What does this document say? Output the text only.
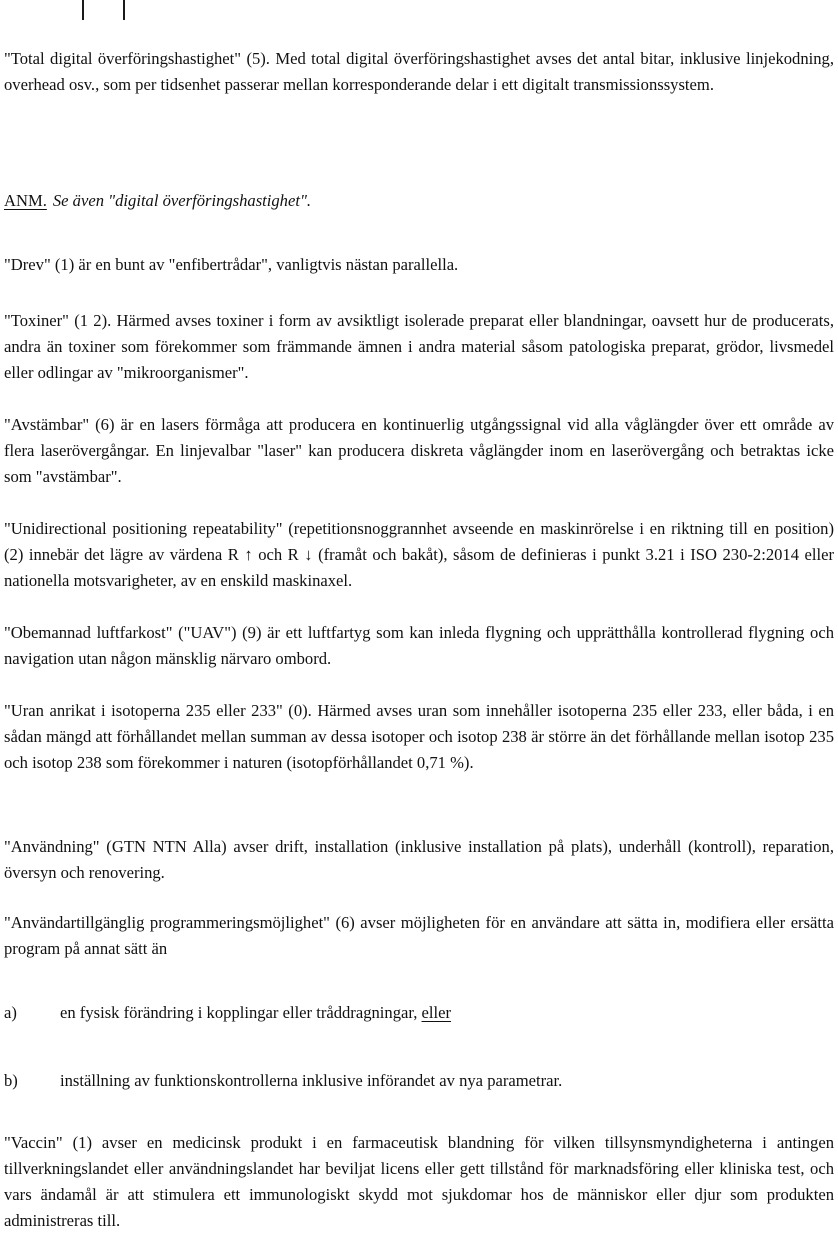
"Total digital överföringshastighet" (5). Med total digital överföringshastighet avses det antal bitar, inklusive linjekodning, overhead osv., som per tidsenhet passerar mellan korresponderande delar i ett digitalt transmissionssystem.

ANM. Se även "digital överföringshastighet".

"Drev" (1) är en bunt av "enfibertrådar", vanligtvis nästan parallella.

"Toxiner" (1 2). Härmed avses toxiner i form av avsiktligt isolerade preparat eller blandningar, oavsett hur de producerats, andra än toxiner som förekommer som främmande ämnen i andra material såsom patologiska preparat, grödor, livsmedel eller odlingar av "mikroorganismer".

"Avstämbar" (6) är en lasers förmåga att producera en kontinuerlig utgångssignal vid alla våglängder över ett område av flera laserövergångar. En linjevalbar "laser" kan producera diskreta våglängder inom en laserövergång och betraktas icke som "avstämbar".

"Unidirectional positioning repeatability" (repetitionsnoggrannhet avseende en maskinrörelse i en riktning till en position) (2) innebär det lägre av värdena R ↑ och R ↓ (framåt och bakåt), såsom de definieras i punkt 3.21 i ISO 230-2:2014 eller nationella motsvarigheter, av en enskild maskinaxel.

"Obemannad luftfarkost" ("UAV") (9) är ett luftfartyg som kan inleda flygning och upprätthålla kontrollerad flygning och navigation utan någon mänsklig närvaro ombord.

"Uran anrikat i isotoperna 235 eller 233" (0). Härmed avses uran som innehåller isotoperna 235 eller 233, eller båda, i en sådan mängd att förhållandet mellan summan av dessa isotoper och isotop 238 är större än det förhållande mellan isotop 235 och isotop 238 som förekommer i naturen (isotopförhållandet 0,71 %).

"Användning" (GTN NTN Alla) avser drift, installation (inklusive installation på plats), underhåll (kontroll), reparation, översyn och renovering.

"Användartillgänglig programmeringsmöjlighet" (6) avser möjligheten för en användare att sätta in, modifiera eller ersätta program på annat sätt än

a)	en fysisk förändring i kopplingar eller tråddragningar, eller
b)	inställning av funktionskontrollerna inklusive införandet av nya parametrar.

"Vaccin" (1) avser en medicinsk produkt i en farmaceutisk blandning för vilken tillsynsmyndigheterna i antingen tillverkningslandet eller användningslandet har beviljat licens eller gett tillstånd för marknadsföring eller kliniska test, och vars ändamål är att stimulera ett immunologiskt skydd mot sjukdomar hos de människor eller djur som produkten administreras till.
